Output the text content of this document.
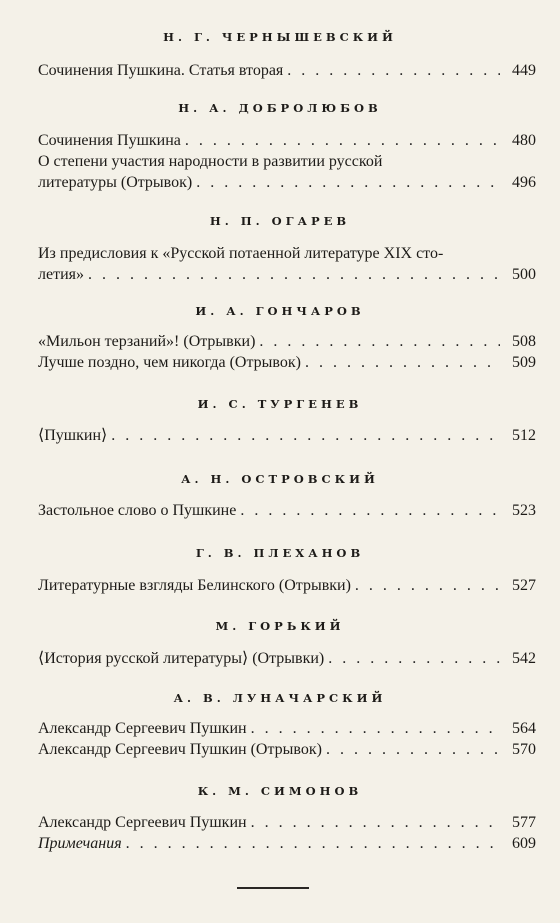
Н. Г. ЧЕРНЫШЕВСКИЙ
Сочинения Пушкина. Статья вторая . . .	449
Н. А. ДОБРОЛЮБОВ
Сочинения Пушкина . . .	480
О степени участия народности в развитии русской
литературы (Отрывок) . . .	496
Н. П. ОГАРЕВ
Из предисловия к «Русской потаенной литературе XIX сто-
летия» . . .	500
И. А. ГОНЧАРОВ
«Мильон терзаний»! (Отрывки) . . .	508
Лучше поздно, чем никогда (Отрывок) . . .	509
И. С. ТУРГЕНЕВ
⟨Пушкин⟩ . . .	512
А. Н. ОСТРОВСКИЙ
Застольное слово о Пушкине . . .	523
Г. В. ПЛЕХАНОВ
Литературные взгляды Белинского (Отрывки) . . .	527
М. ГОРЬКИЙ
⟨История русской литературы⟩ (Отрывки) . . .	542
А. В. ЛУНАЧАРСКИЙ
Александр Сергеевич Пушкин . . .	564
Александр Сергеевич Пушкин (Отрывок) . . .	570
К. М. СИМОНОВ
Александр Сергеевич Пушкин . . .	577
Примечания . . .	609
